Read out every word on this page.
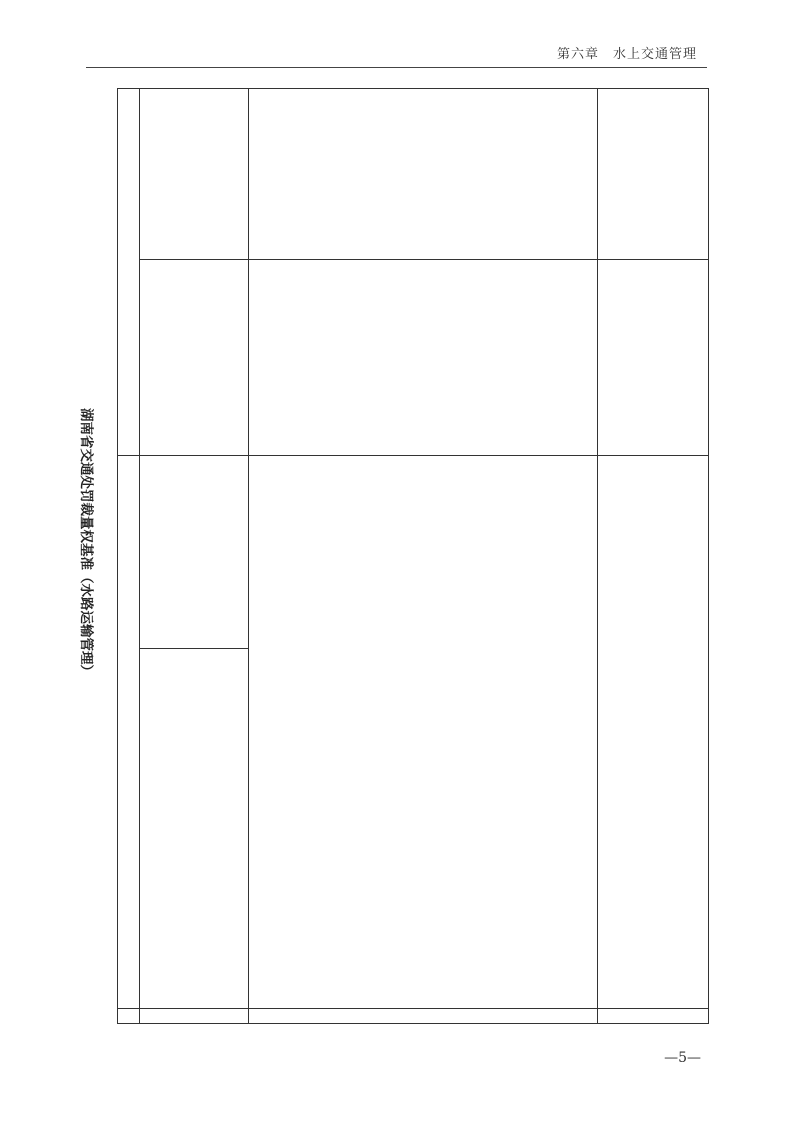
第六章　水上交通管理
湖南省交通处罚裁量权基准（水路运输管理）
—5—
